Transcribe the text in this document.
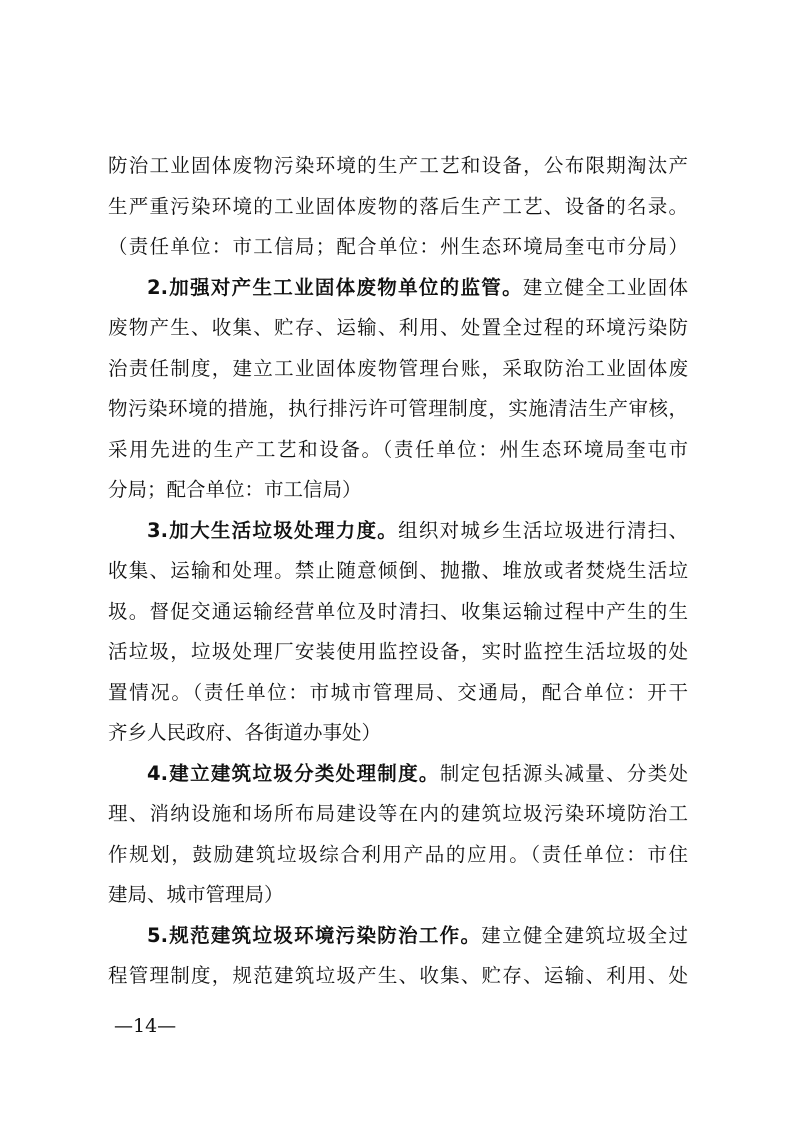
防治工业固体废物污染环境的生产工艺和设备，公布限期淘汰产
生严重污染环境的工业固体废物的落后生产工艺、设备的名录。
（责任单位：市工信局；配合单位：州生态环境局奎屯市分局）
2.加强对产生工业固体废物单位的监管。建立健全工业固体
废物产生、收集、贮存、运输、利用、处置全过程的环境污染防
治责任制度，建立工业固体废物管理台账，采取防治工业固体废
物污染环境的措施，执行排污许可管理制度，实施清洁生产审核，
采用先进的生产工艺和设备。（责任单位：州生态环境局奎屯市
分局；配合单位：市工信局）
3.加大生活垃圾处理力度。组织对城乡生活垃圾进行清扫、
收集、运输和处理。禁止随意倾倒、抛撒、堆放或者焚烧生活垃
圾。督促交通运输经营单位及时清扫、收集运输过程中产生的生
活垃圾，垃圾处理厂安装使用监控设备，实时监控生活垃圾的处
置情况。（责任单位：市城市管理局、交通局，配合单位：开干
齐乡人民政府、各街道办事处）
4.建立建筑垃圾分类处理制度。制定包括源头减量、分类处
理、消纳设施和场所布局建设等在内的建筑垃圾污染环境防治工
作规划，鼓励建筑垃圾综合利用产品的应用。（责任单位：市住
建局、城市管理局）
5.规范建筑垃圾环境污染防治工作。建立健全建筑垃圾全过
程管理制度，规范建筑垃圾产生、收集、贮存、运输、利用、处
—14—
